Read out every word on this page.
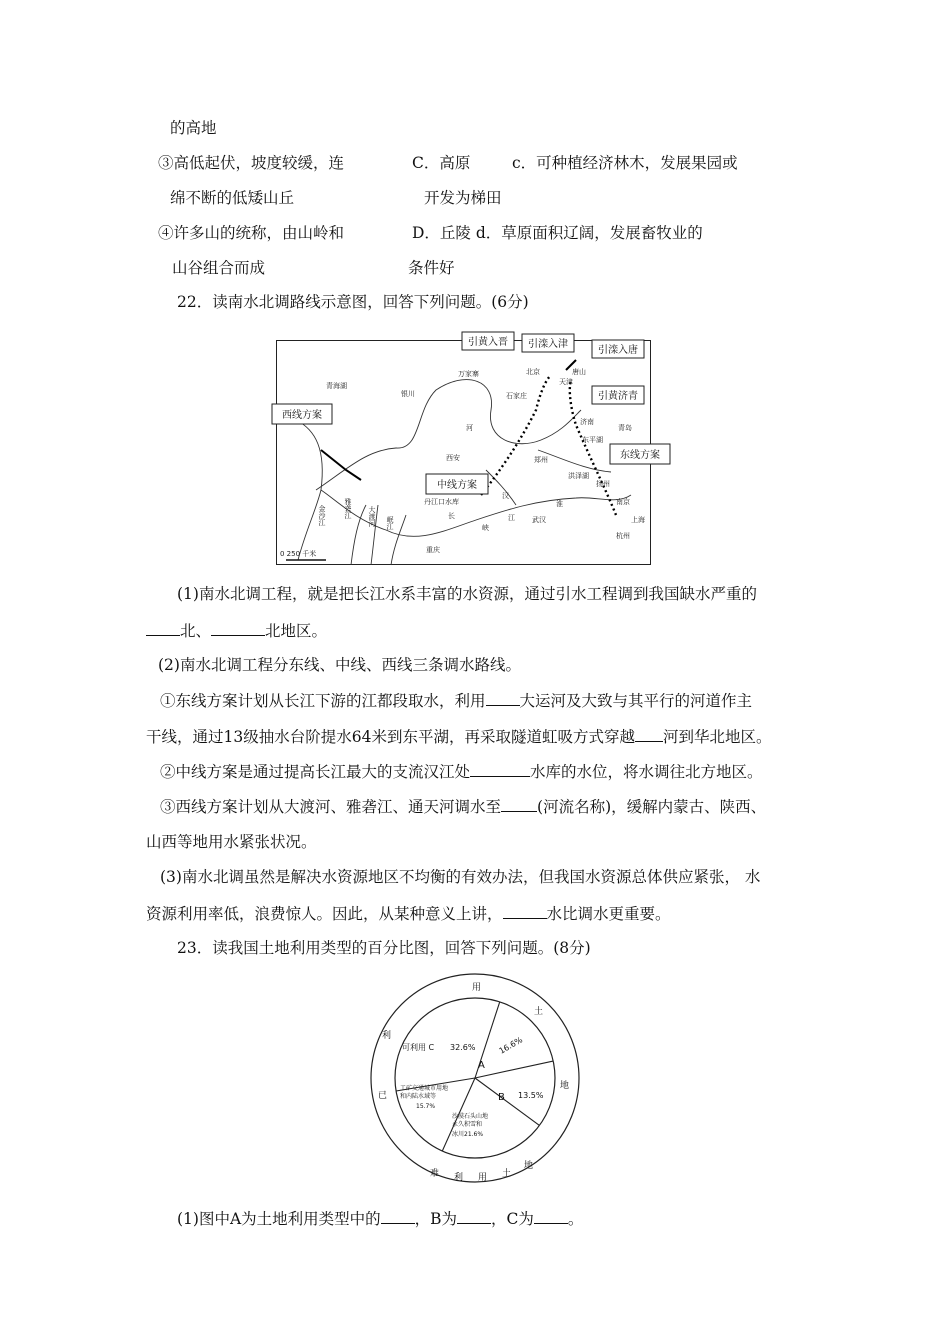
的高地
③高低起伏，坡度较缓，连	C．高原	c．可种植经济林木，发展果园或
绵不断的低矮山丘	开发为梯田
④许多山的统称，由山岭和	D．丘陵 d．草原面积辽阔，发展畜牧业的
山谷组合而成	条件好
22．读南水北调路线示意图，回答下列问题。(6分)
引黄入晋 引滦入津
引滦入唐
引黄济青
西线方案
东线方案
中线方案
青海湖
银川
万家寨	北京
天津
唐山
石家庄
济南
青岛
西安	郑州
丹江口水库
洪泽湖
扬州
南京
上海
杭州
武汉
重庆
东平湖
河
汉
江
长
峡
金沙江	雅砻江 大渡河 岷江
淮
0 250 千米
(1)南水北调工程，就是把长江水系丰富的水资源，通过引水工程调到我国缺水严重的
北、	北地区。
(2)南水北调工程分东线、中线、西线三条调水路线。
①东线方案计划从长江下游的江都段取水，利用 大运河及大致与其平行的河道作主
干线，通过13级抽水台阶提水64米到东平湖，再采取隧道虹吸方式穿越 河到华北地区。
②中线方案是通过提高长江最大的支流汉江处	水库的水位，将水调往北方地区。
③西线方案计划从大渡河、雅砻江、通天河调水至 (河流名称)，缓解内蒙古、陕西、
山西等地用水紧张状况。
(3)南水北调虽然是解决水资源地区不均衡的有效办法，但我国水资源总体供应紧张， 水
资源利用率低，浪费惊人。因此，从某种意义上讲，	水比调水更重要。
23．读我国土地利用类型的百分比图，回答下列问题。(8分)
可利用 C 32.6%
A
16.6%
B 13.5%
工矿交通城市用地
和内陆水域等
15.7%
沙漠石头山地
永久积雪和
冰川21.6%
用
土
地
利
已
难 利 用 土
地
(1)图中A为土地利用类型中的 ，B为 ，C为 。
